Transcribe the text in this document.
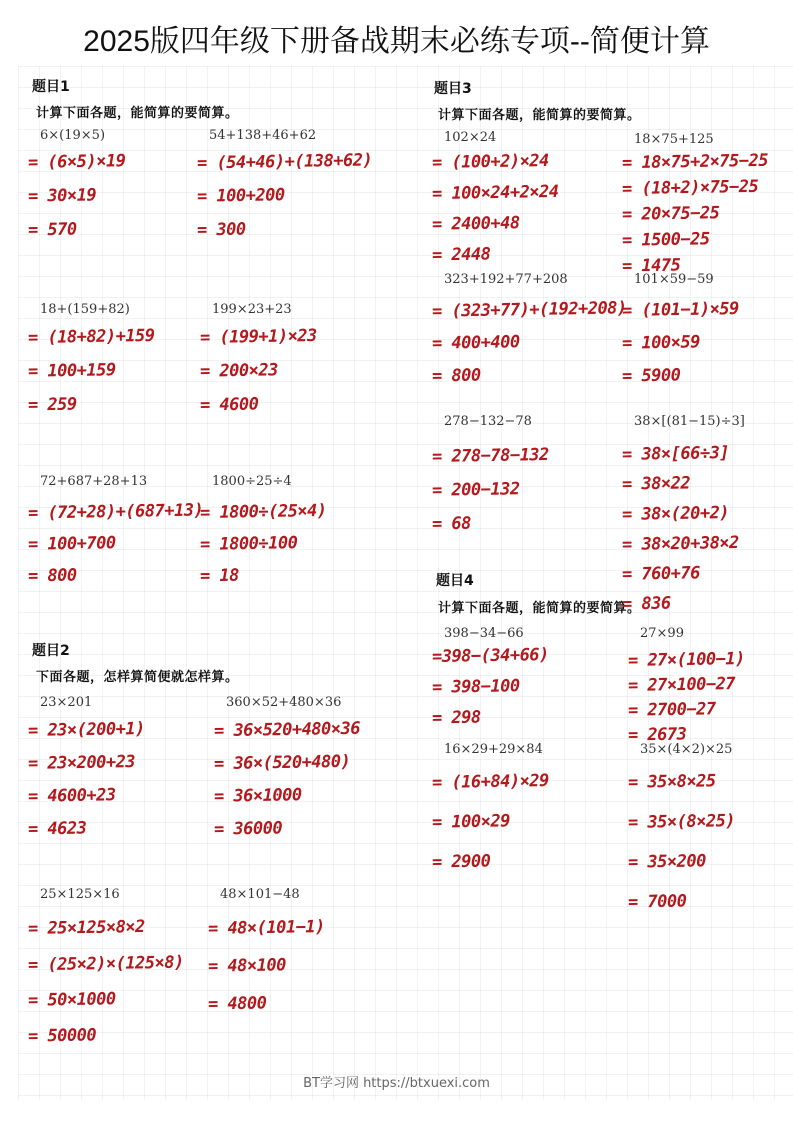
2025版四年级下册备战期末必练专项--简便计算
题目1
计算下面各题，能简算的要简算。
题目2
下面各题，怎样算简便就怎样算。
题目3
计算下面各题，能简算的要简算。
题目4
计算下面各题，能简算的要简算。
BT学习网 https://btxuexi.com
6×(19×5)
= (6×5)×19
= 30×19
= 570
54+138+46+62
= (54+46)+(138+62)
= 100+200
= 300
18+(159+82)
= (18+82)+159
= 100+159
= 259
199×23+23
= (199+1)×23
= 200×23
= 4600
72+687+28+13
= (72+28)+(687+13)
= 100+700
= 800
1800÷25÷4
= 1800÷(25×4)
= 1800÷100
= 18
23×201
= 23×(200+1)
= 23×200+23
= 4600+23
= 4623
360×52+480×36
= 36×520+480×36
= 36×(520+480)
= 36×1000
= 36000
25×125×16
= 25×125×8×2
= (25×2)×(125×8)
= 50×1000
= 50000
48×101−48
= 48×(101−1)
= 48×100
= 4800
102×24
= (100+2)×24
= 100×24+2×24
= 2400+48
= 2448
18×75+125
= 18×75+2×75−25
= (18+2)×75−25
= 20×75−25
= 1500−25
= 1475
323+192+77+208
= (323+77)+(192+208)
= 400+400
= 800
101×59−59
= (101−1)×59
= 100×59
= 5900
278−132−78
= 278−78−132
= 200−132
= 68
38×[(81−15)÷3]
= 38×[66÷3]
= 38×22
= 38×(20+2)
= 38×20+38×2
= 760+76
= 836
398−34−66
=398−(34+66)
= 398−100
= 298
27×99
= 27×(100−1)
= 27×100−27
= 2700−27
= 2673
16×29+29×84
= (16+84)×29
= 100×29
= 2900
35×(4×2)×25
= 35×8×25
= 35×(8×25)
= 35×200
= 7000
